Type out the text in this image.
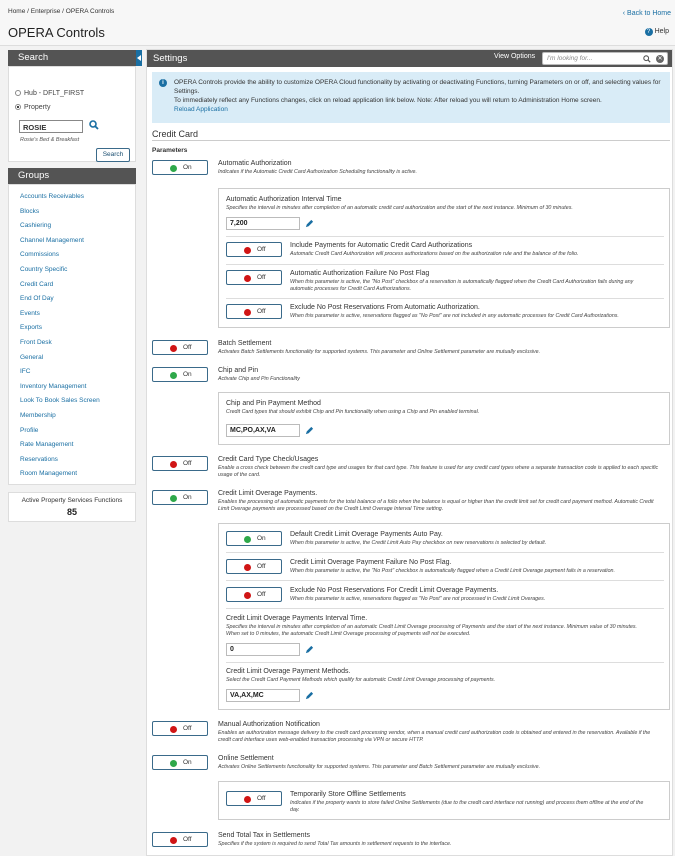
Home / Enterprise / OPERA Controls
OPERA Controls
‹ Back to Home
? Help
Search
Hub - DFLT_FIRST
Property
ROSIE
Rosie's Bed & Breakfast
Search
Groups
Accounts Receivables
Blocks
Cashiering
Channel Management
Commissions
Country Specific
Credit Card
End Of Day
Events
Exports
Front Desk
General
IFC
Inventory Management
Look To Book Sales Screen
Membership
Profile
Rate Management
Reservations
Room Management
Active Property Services Functions
85
Settings	View Options	I'm looking for...	✕
i	OPERA Controls provide the ability to customize OPERA Cloud functionality by activating or deactivating Functions, turning Parameters on or off, and selecting values for Settings.
To immediately reflect any Functions changes, click on reload application link below. Note: After reload you will return to Administration Home screen.
Reload Application
Credit Card
Parameters
On
Automatic Authorization
Indicates if the Automatic Credit Card Authorization Scheduling functionality is active.
Automatic Authorization Interval Time
Specifies the interval in minutes after completion of an automatic credit card authorization and the start of the next instance. Minimum of 30 minutes.
7,200
Off
Include Payments for Automatic Credit Card Authorizations
Automatic Credit Card Authorization will process authorizations based on the authorization rule and the balance of the folio.
Off
Automatic Authorization Failure No Post Flag
When this parameter is active, the "No Post" checkbox of a reservation is automatically flagged when the Credit Card Authorization fails during any
automatic processes for Credit Card Authorizations.
Off
Exclude No Post Reservations From Automatic Authorization.
When this parameter is active, reservations flagged as "No Post" are not included in any automatic processes for Credit Card Authorizations.
Off
Batch Settlement
Activates Batch Settlements functionality for supported systems. This parameter and Online Settlement parameter are mutually exclusive.
On
Chip and Pin
Activate Chip and Pin Functionality
Chip and Pin Payment Method
Credit Card types that should exhibit Chip and Pin functionality when using a Chip and Pin enabled terminal.
MC,PO,AX,VA
Off
Credit Card Type Check/Usages
Enable a cross check between the credit card type and usages for that card type. This feature is used for any credit card types where a separate transaction code is applied to each specific
usage of the card.
On
Credit Limit Overage Payments.
Enables the processing of automatic payments for the total balance of a folio when the balance is equal or higher than the credit limit set for credit card payment method. Automatic Credit
Limit Overage payments are processed based on the Credit Limit Overage Interval Time setting.
On
Default Credit Limit Overage Payments Auto Pay.
When this parameter is active, the Credit Limit Auto Pay checkbox on new reservations is selected by default.
Off
Credit Limit Overage Payment Failure No Post Flag.
When this parameter is active, the "No Post" checkbox is automatically flagged when a Credit Limit Overage payment fails in a reservation.
Off
Exclude No Post Reservations For Credit Limit Overage Payments.
When this parameter is active, reservations flagged as "No Post" are not processed in Credit Limit Overages.
Credit Limit Overage Payments Interval Time.
Specifies the interval in minutes after completion of an automatic Credit Limit Overage processing of Payments and the start of the next instance. Minimum value of 30 minutes.
When set to 0 minutes, the automatic Credit Limit Overage processing of payments will not be executed.
0
Credit Limit Overage Payment Methods.
Select the Credit Card Payment Methods which qualify for automatic Credit Limit Overage processing of payments.
VA,AX,MC
Off
Manual Authorization Notification
Enables an authorization message delivery to the credit card processing vendor, when a manual credit card authorization code is obtained and entered in the reservation. Available if the
credit card interface uses web-enabled transaction processing via VPN or secure HTTP.
On
Online Settlement
Activates Online Settlements functionality for supported systems. This parameter and Batch Settlement parameter are mutually exclusive.
Off
Temporarily Store Offline Settlements
Indicates if the property wants to store failed Online Settlements (due to the credit card interface not running) and process them offline at the end of the
day.
Off
Send Total Tax in Settlements
Specifies if the system is required to send Total Tax amounts in settlement requests to the interface.
